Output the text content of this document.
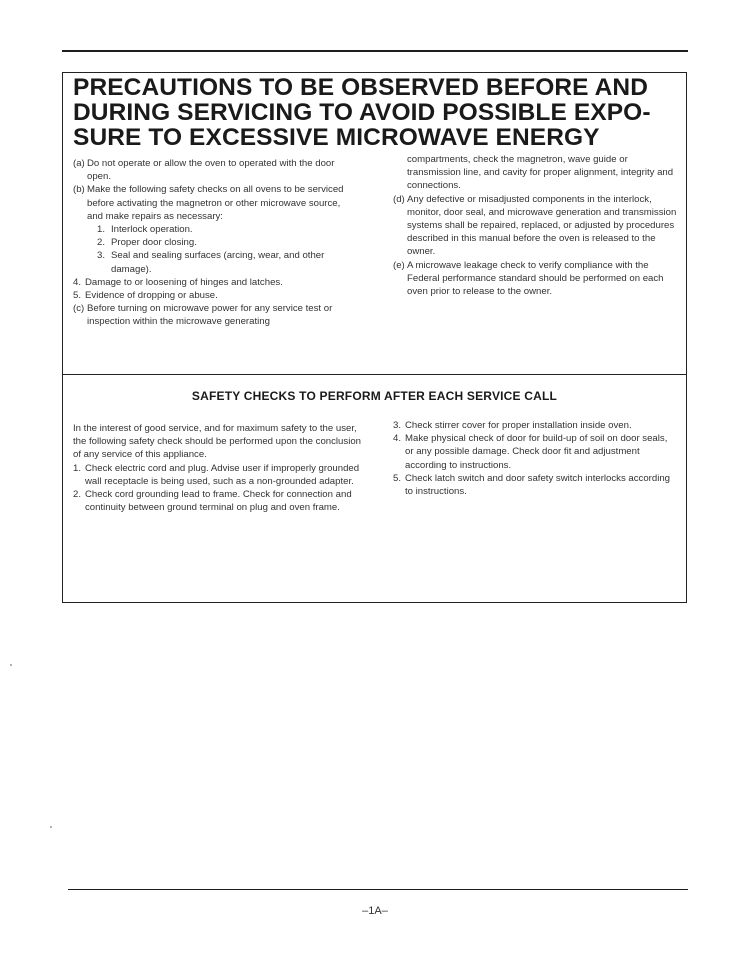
PRECAUTIONS TO BE OBSERVED BEFORE AND
DURING SERVICING TO AVOID POSSIBLE EXPO-
SURE TO EXCESSIVE MICROWAVE ENERGY

(a) Do not operate or allow the oven to operated with the door open.

(b) Make the following safety checks on all ovens to be serviced before activating the magnetron or other microwave source, and make repairs as necessary:

1. Interlock operation.

2. Proper door closing.

3. Seal and sealing surfaces (arcing, wear, and other damage).

4. Damage to or loosening of hinges and latches.

5. Evidence of dropping or abuse.

(c) Before turning on microwave power for any service test or inspection within the microwave generating

compartments, check the magnetron, wave guide or transmission line, and cavity for proper alignment, integrity and connections.

(d) Any defective or misadjusted components in the interlock, monitor, door seal, and microwave generation and transmission systems shall be repaired, replaced, or adjusted by procedures described in this manual before the oven is released to the owner.

(e) A microwave leakage check to verify compliance with the Federal performance standard should be performed on each oven prior to release to the owner.

SAFETY CHECKS TO PERFORM AFTER EACH SERVICE CALL

In the interest of good service, and for maximum safety to the user, the following safety check should be performed upon the conclusion of any service of this appliance.

1. Check electric cord and plug. Advise user if improperly grounded wall receptacle is being used, such as a non-grounded adapter.

2. Check cord grounding lead to frame. Check for connection and continuity between ground terminal on plug and oven frame.

3. Check stirrer cover for proper installation inside oven.

4. Make physical check of door for build-up of soil on door seals, or any possible damage. Check door fit and adjustment according to instructions.

5. Check latch switch and door safety switch interlocks according to instructions.

–1A–
